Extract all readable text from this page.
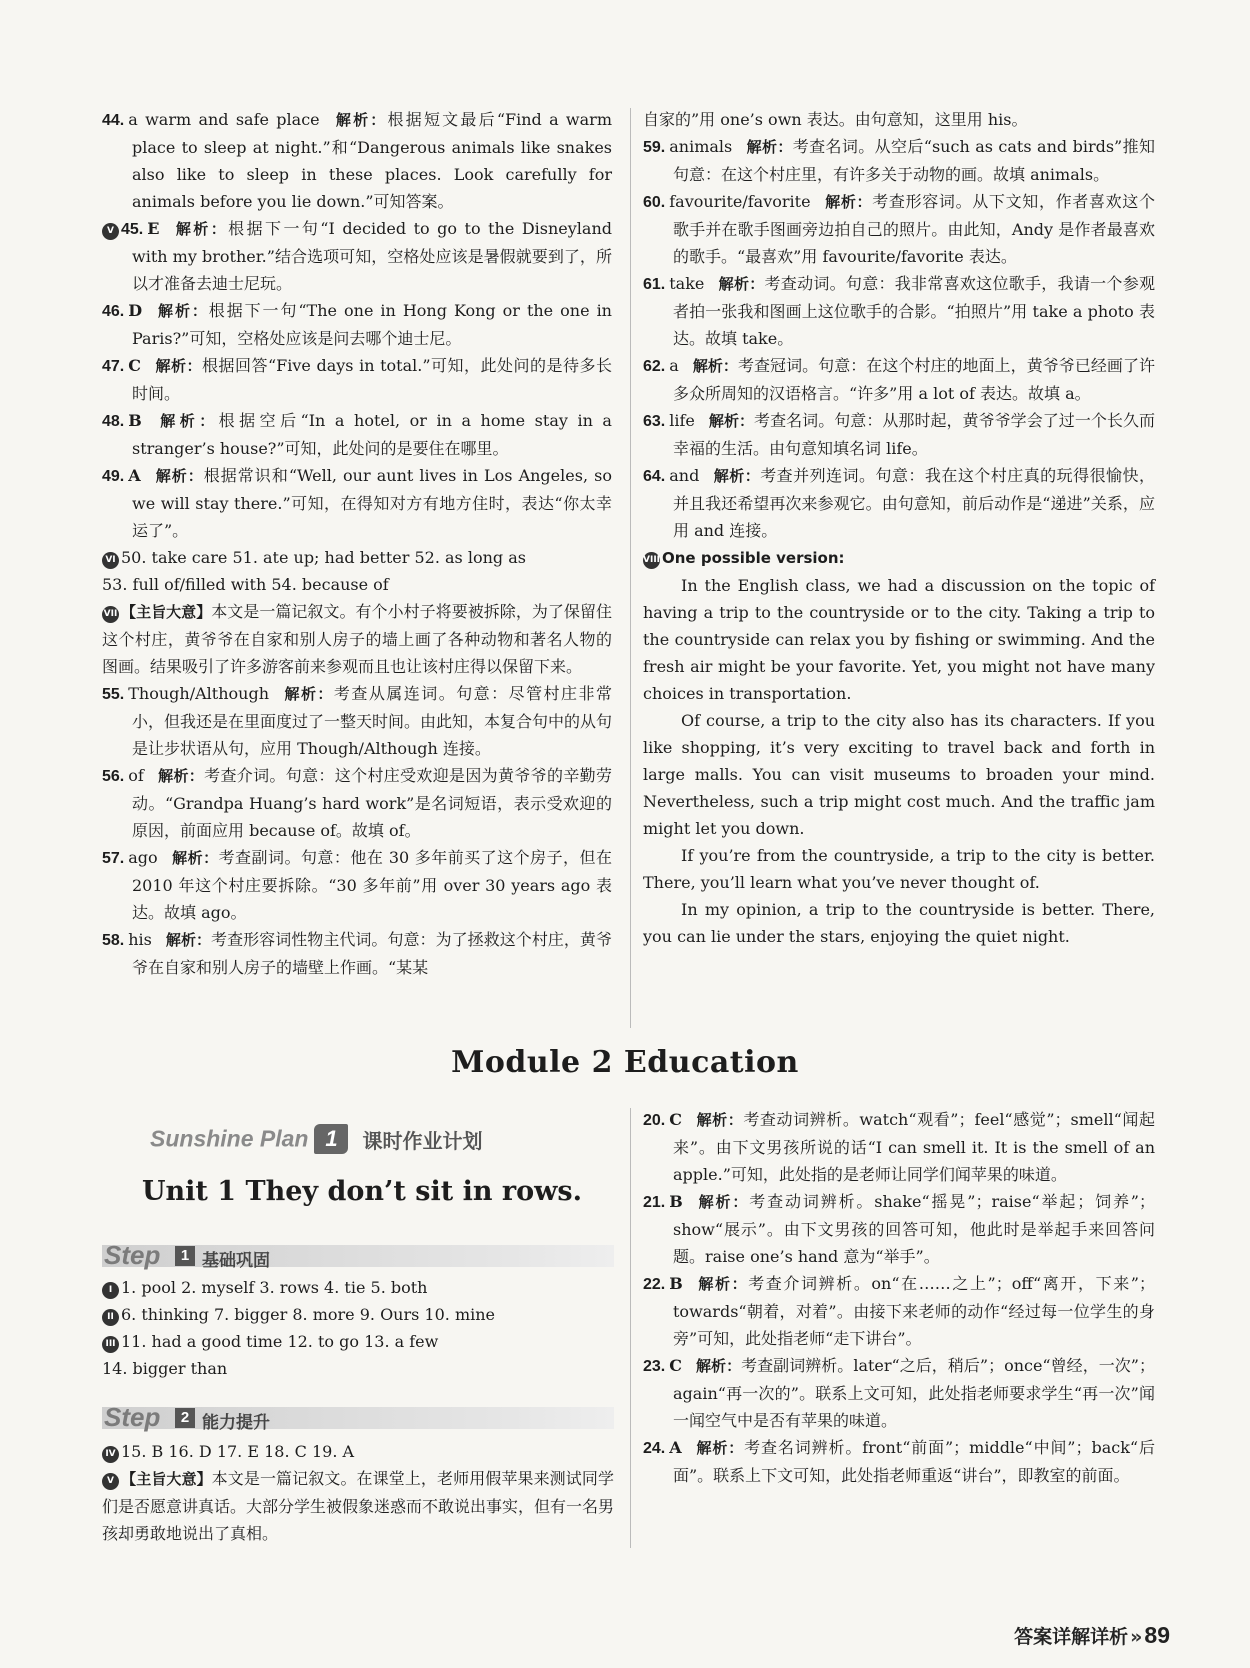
44. a warm and safe place 解析：根据短文最后“Find a warm place to sleep at night.”和“Dangerous animals like snakes also like to sleep in these places. Look carefully for animals before you lie down.”可知答案。

V 45. E 解析：根据下一句“I decided to go to the Disneyland with my brother.”结合选项可知，空格处应该是暑假就要到了，所以才准备去迪士尼玩。

46. D 解析：根据下一句“The one in Hong Kong or the one in Paris?”可知，空格处应该是问去哪个迪士尼。

47. C 解析：根据回答“Five days in total.”可知，此处问的是待多长时间。

48. B 解析：根据空后“In a hotel, or in a home stay in a stranger’s house?”可知，此处问的是要住在哪里。

49. A 解析：根据常识和“Well, our aunt lives in Los Angeles, so we will stay there.”可知，在得知对方有地方住时，表达“你太幸运了”。

VI 50. take care 51. ate up; had better 52. as long as

53. full of/filled with 54. because of

VII 【主旨大意】本文是一篇记叙文。有个小村子将要被拆除，为了保留住这个村庄，黄爷爷在自家和别人房子的墙上画了各种动物和著名人物的图画。结果吸引了许多游客前来参观而且也让该村庄得以保留下来。

55. Though/Although 解析：考查从属连词。句意：尽管村庄非常小，但我还是在里面度过了一整天时间。由此知，本复合句中的从句是让步状语从句，应用 Though/Although 连接。

56. of 解析：考查介词。句意：这个村庄受欢迎是因为黄爷爷的辛勤劳动。“Grandpa Huang’s hard work”是名词短语，表示受欢迎的原因，前面应用 because of。故填 of。

57. ago 解析：考查副词。句意：他在 30 多年前买了这个房子，但在 2010 年这个村庄要拆除。“30 多年前”用 over 30 years ago 表达。故填 ago。

58. his 解析：考查形容词性物主代词。句意：为了拯救这个村庄，黄爷爷在自家和别人房子的墙壁上作画。“某某

自家的”用 one’s own 表达。由句意知，这里用 his。

59. animals 解析：考查名词。从空后“such as cats and birds”推知句意：在这个村庄里，有许多关于动物的画。故填 animals。

60. favourite/favorite 解析：考查形容词。从下文知，作者喜欢这个歌手并在歌手图画旁边拍自己的照片。由此知，Andy 是作者最喜欢的歌手。“最喜欢”用 favourite/favorite 表达。

61. take 解析：考查动词。句意：我非常喜欢这位歌手，我请一个参观者拍一张我和图画上这位歌手的合影。“拍照片”用 take a photo 表达。故填 take。

62. a 解析：考查冠词。句意：在这个村庄的地面上，黄爷爷已经画了许多众所周知的汉语格言。“许多”用 a lot of 表达。故填 a。

63. life 解析：考查名词。句意：从那时起，黄爷爷学会了过一个长久而幸福的生活。由句意知填名词 life。

64. and 解析：考查并列连词。句意：我在这个村庄真的玩得很愉快，并且我还希望再次来参观它。由句意知，前后动作是“递进”关系，应用 and 连接。

VIII One possible version:

In the English class, we had a discussion on the topic of having a trip to the countryside or to the city. Taking a trip to the countryside can relax you by fishing or swimming. And the fresh air might be your favorite. Yet, you might not have many choices in transportation.

Of course, a trip to the city also has its characters. If you like shopping, it’s very exciting to travel back and forth in large malls. You can visit museums to broaden your mind. Nevertheless, such a trip might cost much. And the traffic jam might let you down.

If you’re from the countryside, a trip to the city is better. There, you’ll learn what you’ve never thought of.

In my opinion, a trip to the countryside is better. There, you can lie under the stars, enjoying the quiet night.

Module 2 Education
Sunshine Plan 1 课时作业计划
Unit 1 They don’t sit in rows.
Step	1 基础巩固

I 1. pool 2. myself 3. rows 4. tie 5. both

II 6. thinking 7. bigger 8. more 9. Ours 10. mine

III 11. had a good time 12. to go 13. a few

14. bigger than

Step	2 能力提升

IV 15. B 16. D 17. E 18. C 19. A

V 【主旨大意】本文是一篇记叙文。在课堂上，老师用假苹果来测试同学们是否愿意讲真话。大部分学生被假象迷惑而不敢说出事实，但有一名男孩却勇敢地说出了真相。

20. C 解析：考查动词辨析。watch“观看”；feel“感觉”；smell“闻起来”。由下文男孩所说的话“I can smell it. It is the smell of an apple.”可知，此处指的是老师让同学们闻苹果的味道。

21. B 解析：考查动词辨析。shake“摇晃”；raise“举起；饲养”；show“展示”。由下文男孩的回答可知，他此时是举起手来回答问题。raise one’s hand 意为“举手”。

22. B 解析：考查介词辨析。on“在……之上”；off“离开，下来”；towards“朝着，对着”。由接下来老师的动作“经过每一位学生的身旁”可知，此处指老师“走下讲台”。

23. C 解析：考查副词辨析。later“之后，稍后”；once“曾经，一次”；again“再一次的”。联系上文可知，此处指老师要求学生“再一次”闻一闻空气中是否有苹果的味道。

24. A 解析：考查名词辨析。front“前面”；middle“中间”；back“后面”。联系上下文可知，此处指老师重返“讲台”，即教室的前面。

答案详解详析 »89
